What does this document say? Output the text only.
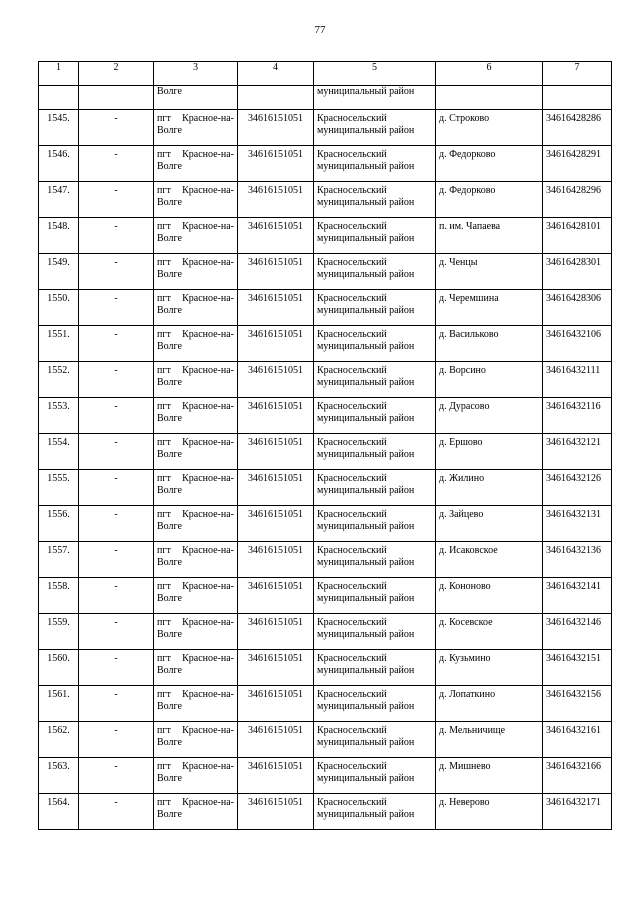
77
1	2	3	4	5	6	7
		Волге		муниципальный район		
1545.	-	пгт Красное-на-Волге	34616151051	Красносельский муниципальный район	д. Строково	34616428286
1546.	-	пгт Красное-на-Волге	34616151051	Красносельский муниципальный район	д. Федорково	34616428291
1547.	-	пгт Красное-на-Волге	34616151051	Красносельский муниципальный район	д. Федорково	34616428296
1548.	-	пгт Красное-на-Волге	34616151051	Красносельский муниципальный район	п. им. Чапаева	34616428101
1549.	-	пгт Красное-на-Волге	34616151051	Красносельский муниципальный район	д. Ченцы	34616428301
1550.	-	пгт Красное-на-Волге	34616151051	Красносельский муниципальный район	д. Черемшина	34616428306
1551.	-	пгт Красное-на-Волге	34616151051	Красносельский муниципальный район	д. Васильково	34616432106
1552.	-	пгт Красное-на-Волге	34616151051	Красносельский муниципальный район	д. Ворсино	34616432111
1553.	-	пгт Красное-на-Волге	34616151051	Красносельский муниципальный район	д. Дурасово	34616432116
1554.	-	пгт Красное-на-Волге	34616151051	Красносельский муниципальный район	д. Ершово	34616432121
1555.	-	пгт Красное-на-Волге	34616151051	Красносельский муниципальный район	д. Жилино	34616432126
1556.	-	пгт Красное-на-Волге	34616151051	Красносельский муниципальный район	д. Зайцево	34616432131
1557.	-	пгт Красное-на-Волге	34616151051	Красносельский муниципальный район	д. Исаковское	34616432136
1558.	-	пгт Красное-на-Волге	34616151051	Красносельский муниципальный район	д. Кононово	34616432141
1559.	-	пгт Красное-на-Волге	34616151051	Красносельский муниципальный район	д. Косевское	34616432146
1560.	-	пгт Красное-на-Волге	34616151051	Красносельский муниципальный район	д. Кузьмино	34616432151
1561.	-	пгт Красное-на-Волге	34616151051	Красносельский муниципальный район	д. Лопаткино	34616432156
1562.	-	пгт Красное-на-Волге	34616151051	Красносельский муниципальный район	д. Мельничище	34616432161
1563.	-	пгт Красное-на-Волге	34616151051	Красносельский муниципальный район	д. Мишнево	34616432166
1564.	-	пгт Красное-на-Волге	34616151051	Красносельский муниципальный район	д. Неверово	34616432171
